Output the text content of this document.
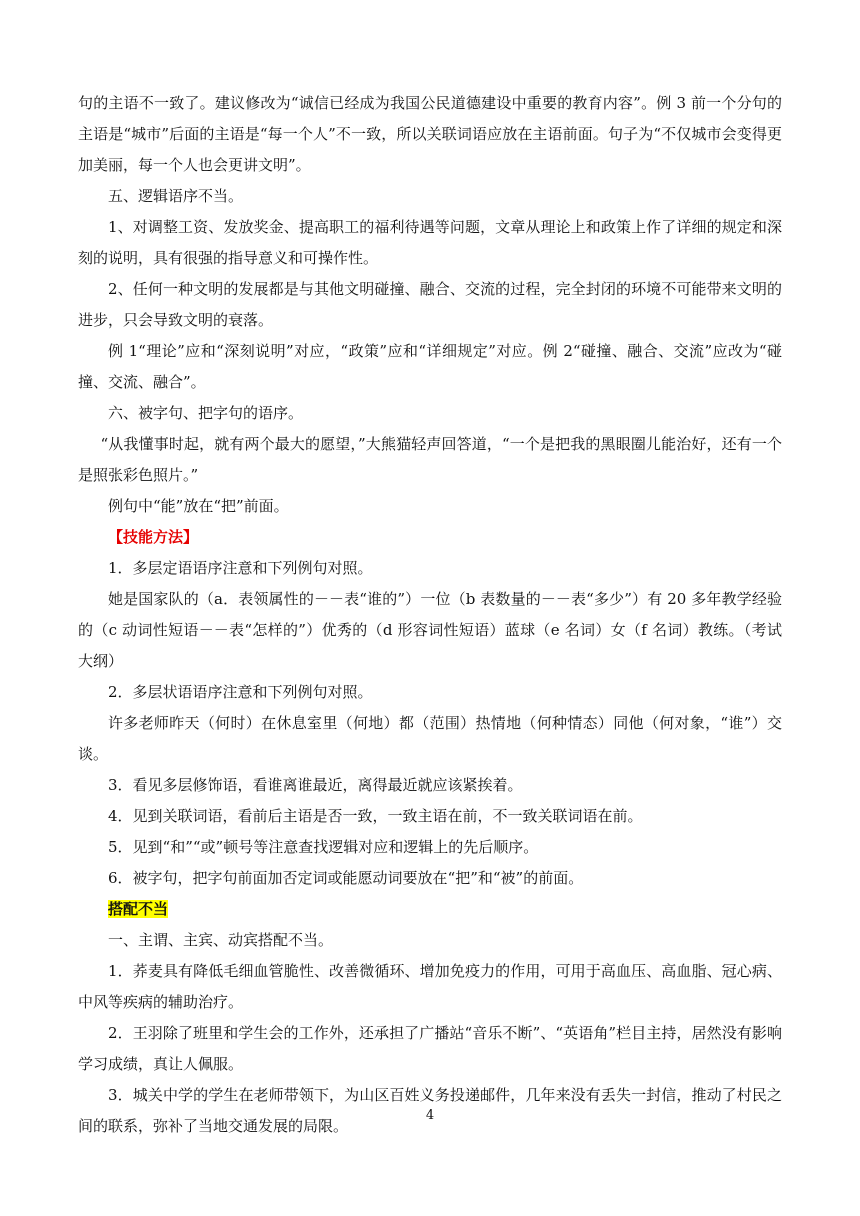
句的主语不一致了。建议修改为“诚信已经成为我国公民道德建设中重要的教育内容”。例 3 前一个分句的主语是“城市”后面的主语是“每一个人”不一致，所以关联词语应放在主语前面。句子为“不仅城市会变得更加美丽，每一个人也会更讲文明”。

五、逻辑语序不当。

1、对调整工资、发放奖金、提高职工的福利待遇等问题，文章从理论上和政策上作了详细的规定和深刻的说明，具有很强的指导意义和可操作性。

2、任何一种文明的发展都是与其他文明碰撞、融合、交流的过程，完全封闭的环境不可能带来文明的进步，只会导致文明的衰落。

例 1“理论”应和“深刻说明”对应，“政策”应和“详细规定”对应。例 2“碰撞、融合、交流”应改为“碰撞、交流、融合”。

六、被字句、把字句的语序。

“从我懂事时起，就有两个最大的愿望，”大熊猫轻声回答道，“一个是把我的黑眼圈儿能治好，还有一个是照张彩色照片。”

例句中“能”放在“把”前面。

【技能方法】

1．多层定语语序注意和下列例句对照。

她是国家队的（a．表领属性的－－表“谁的”）一位（b 表数量的－－表“多少”）有 20 多年教学经验的（c 动词性短语－－表“怎样的”）优秀的（d 形容词性短语）蓝球（e 名词）女（f 名词）教练。（考试大纲）

2．多层状语语序注意和下列例句对照。

许多老师昨天（何时）在休息室里（何地）都（范围）热情地（何种情态）同他（何对象，“谁”）交谈。

3．看见多层修饰语，看谁离谁最近，离得最近就应该紧挨着。

4．见到关联词语，看前后主语是否一致，一致主语在前，不一致关联词语在前。

5．见到“和”“或”顿号等注意查找逻辑对应和逻辑上的先后顺序。

6．被字句，把字句前面加否定词或能愿动词要放在“把”和“被”的前面。

搭配不当

一、主谓、主宾、动宾搭配不当。

1．荞麦具有降低毛细血管脆性、改善微循环、增加免疫力的作用，可用于高血压、高血脂、冠心病、中风等疾病的辅助治疗。

2．王羽除了班里和学生会的工作外，还承担了广播站“音乐不断”、“英语角”栏目主持，居然没有影响学习成绩，真让人佩服。

3．城关中学的学生在老师带领下，为山区百姓义务投递邮件，几年来没有丢失一封信，推动了村民之间的联系，弥补了当地交通发展的局限。

4
